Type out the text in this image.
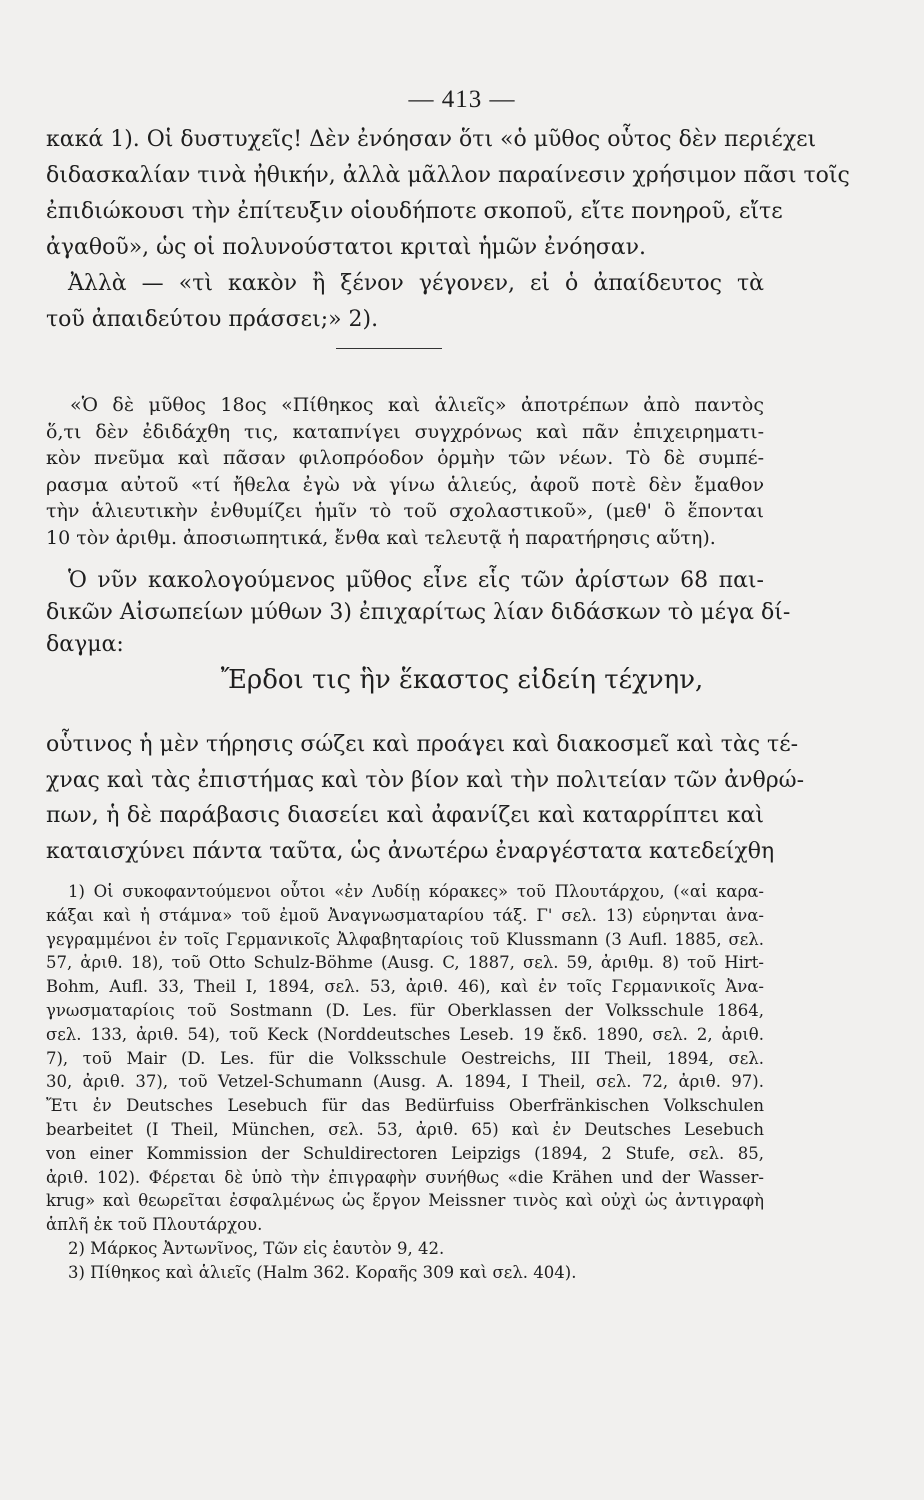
— 413 —
κακά 1). Οἱ δυστυχεῖς! Δὲν ἐνόησαν ὅτι «ὁ μῦθος οὗτος δὲν περιέχει
διδασκαλίαν τινὰ ἠθικήν, ἀλλὰ μᾶλλον παραίνεσιν χρήσιμον πᾶσι τοῖς
ἐπιδιώκουσι τὴν ἐπίτευξιν οἱουδήποτε σκοποῦ, εἴτε πονηροῦ, εἴτε
ἀγαθοῦ», ὡς οἱ πολυνούστατοι κριταὶ ἡμῶν ἐνόησαν.
Ἀλλὰ — «τὶ κακὸν ἢ ξένον γέγονεν, εἰ ὁ ἀπαίδευτος τὰ
τοῦ ἀπαιδεύτου πράσσει;» 2).
«Ὁ δὲ μῦθος 18ος «Πίθηκος καὶ ἁλιεῖς» ἀποτρέπων ἀπὸ παντὸς
ὅ,τι δὲν ἐδιδάχθη τις, καταπνίγει συγχρόνως καὶ πᾶν ἐπιχειρηματι-
κὸν πνεῦμα καὶ πᾶσαν φιλοπρόοδον ὁρμὴν τῶν νέων. Τὸ δὲ συμπέ-
ρασμα αὐτοῦ «τί ἤθελα ἐγὼ νὰ γίνω ἁλιεύς, ἀφοῦ ποτὲ δὲν ἔμαθον
τὴν ἁλιευτικὴν ἐνθυμίζει ἡμῖν τὸ τοῦ σχολαστικοῦ», (μεθ' ὃ ἕπονται
10 τὸν ἀριθμ. ἀποσιωπητικά, ἔνθα καὶ τελευτᾷ ἡ παρατήρησις αὕτη).
Ὁ νῦν κακολογούμενος μῦθος εἶνε εἷς τῶν ἀρίστων 68 παι-
δικῶν Αἰσωπείων μύθων 3) ἐπιχαρίτως λίαν διδάσκων τὸ μέγα δί-
δαγμα:
Ἔρδοι τις ἣν ἕκαστος εἰδείη τέχνην,
οὗτινος ἡ μὲν τήρησις σώζει καὶ προάγει καὶ διακοσμεῖ καὶ τὰς τέ-
χνας καὶ τὰς ἐπιστήμας καὶ τὸν βίον καὶ τὴν πολιτείαν τῶν ἀνθρώ-
πων, ἡ δὲ παράβασις διασείει καὶ ἀφανίζει καὶ καταρρίπτει καὶ
καταισχύνει πάντα ταῦτα, ὡς ἀνωτέρω ἐναργέστατα κατεδείχθη
1) Οἱ συκοφαντούμενοι οὗτοι «ἐν Λυδίῃ κόρακες» τοῦ Πλουτάρχου, («αἱ καρα-
κάξαι καὶ ἡ στάμνα» τοῦ ἐμοῦ Ἀναγνωσματαρίου τάξ. Γ' σελ. 13) εὑρηνται ἀνα-
γεγραμμένοι ἐν τοῖς Γερμανικοῖς Ἀλφαβηταρίοις τοῦ Klussmann (3 Aufl. 1885, σελ.
57, ἀριθ. 18), τοῦ Otto Schulz-Böhme (Ausg. C, 1887, σελ. 59, ἀριθμ. 8) τοῦ Hirt-
Bohm, Aufl. 33, Theil I, 1894, σελ. 53, ἀριθ. 46), καὶ ἐν τοῖς Γερμανικοῖς Ἀνα-
γνωσματαρίοις τοῦ Sostmann (D. Les. für Oberklassen der Volksschule 1864,
σελ. 133, ἀριθ. 54), τοῦ Keck (Norddeutsches Leseb. 19 ἔκδ. 1890, σελ. 2, ἀριθ.
7), τοῦ Mair (D. Les. für die Volksschule Oestreichs, III Theil, 1894, σελ.
30, ἀριθ. 37), τοῦ Vetzel-Schumann (Ausg. A. 1894, I Theil, σελ. 72, ἀριθ. 97).
Ἔτι ἐν Deutsches Lesebuch für das Bedürfuiss Oberfränkischen Volkschulen
bearbeitet (I Theil, München, σελ. 53, ἀριθ. 65) καὶ ἐν Deutsches Lesebuch
von einer Kommission der Schuldirectoren Leipzigs (1894, 2 Stufe, σελ. 85,
ἀριθ. 102). Φέρεται δὲ ὑπὸ τὴν ἐπιγραφὴν συνήθως «die Krähen und der Wasser-
krug» καὶ θεωρεῖται ἐσφαλμένως ὡς ἔργον Meissner τινὸς καὶ οὐχὶ ὡς ἀντιγραφὴ
ἁπλῆ ἐκ τοῦ Πλουτάρχου.
2) Μάρκος Ἀντωνῖνος, Τῶν εἰς ἑαυτὸν 9, 42.
3) Πίθηκος καὶ ἁλιεῖς (Halm 362. Κοραῆς 309 καὶ σελ. 404).
